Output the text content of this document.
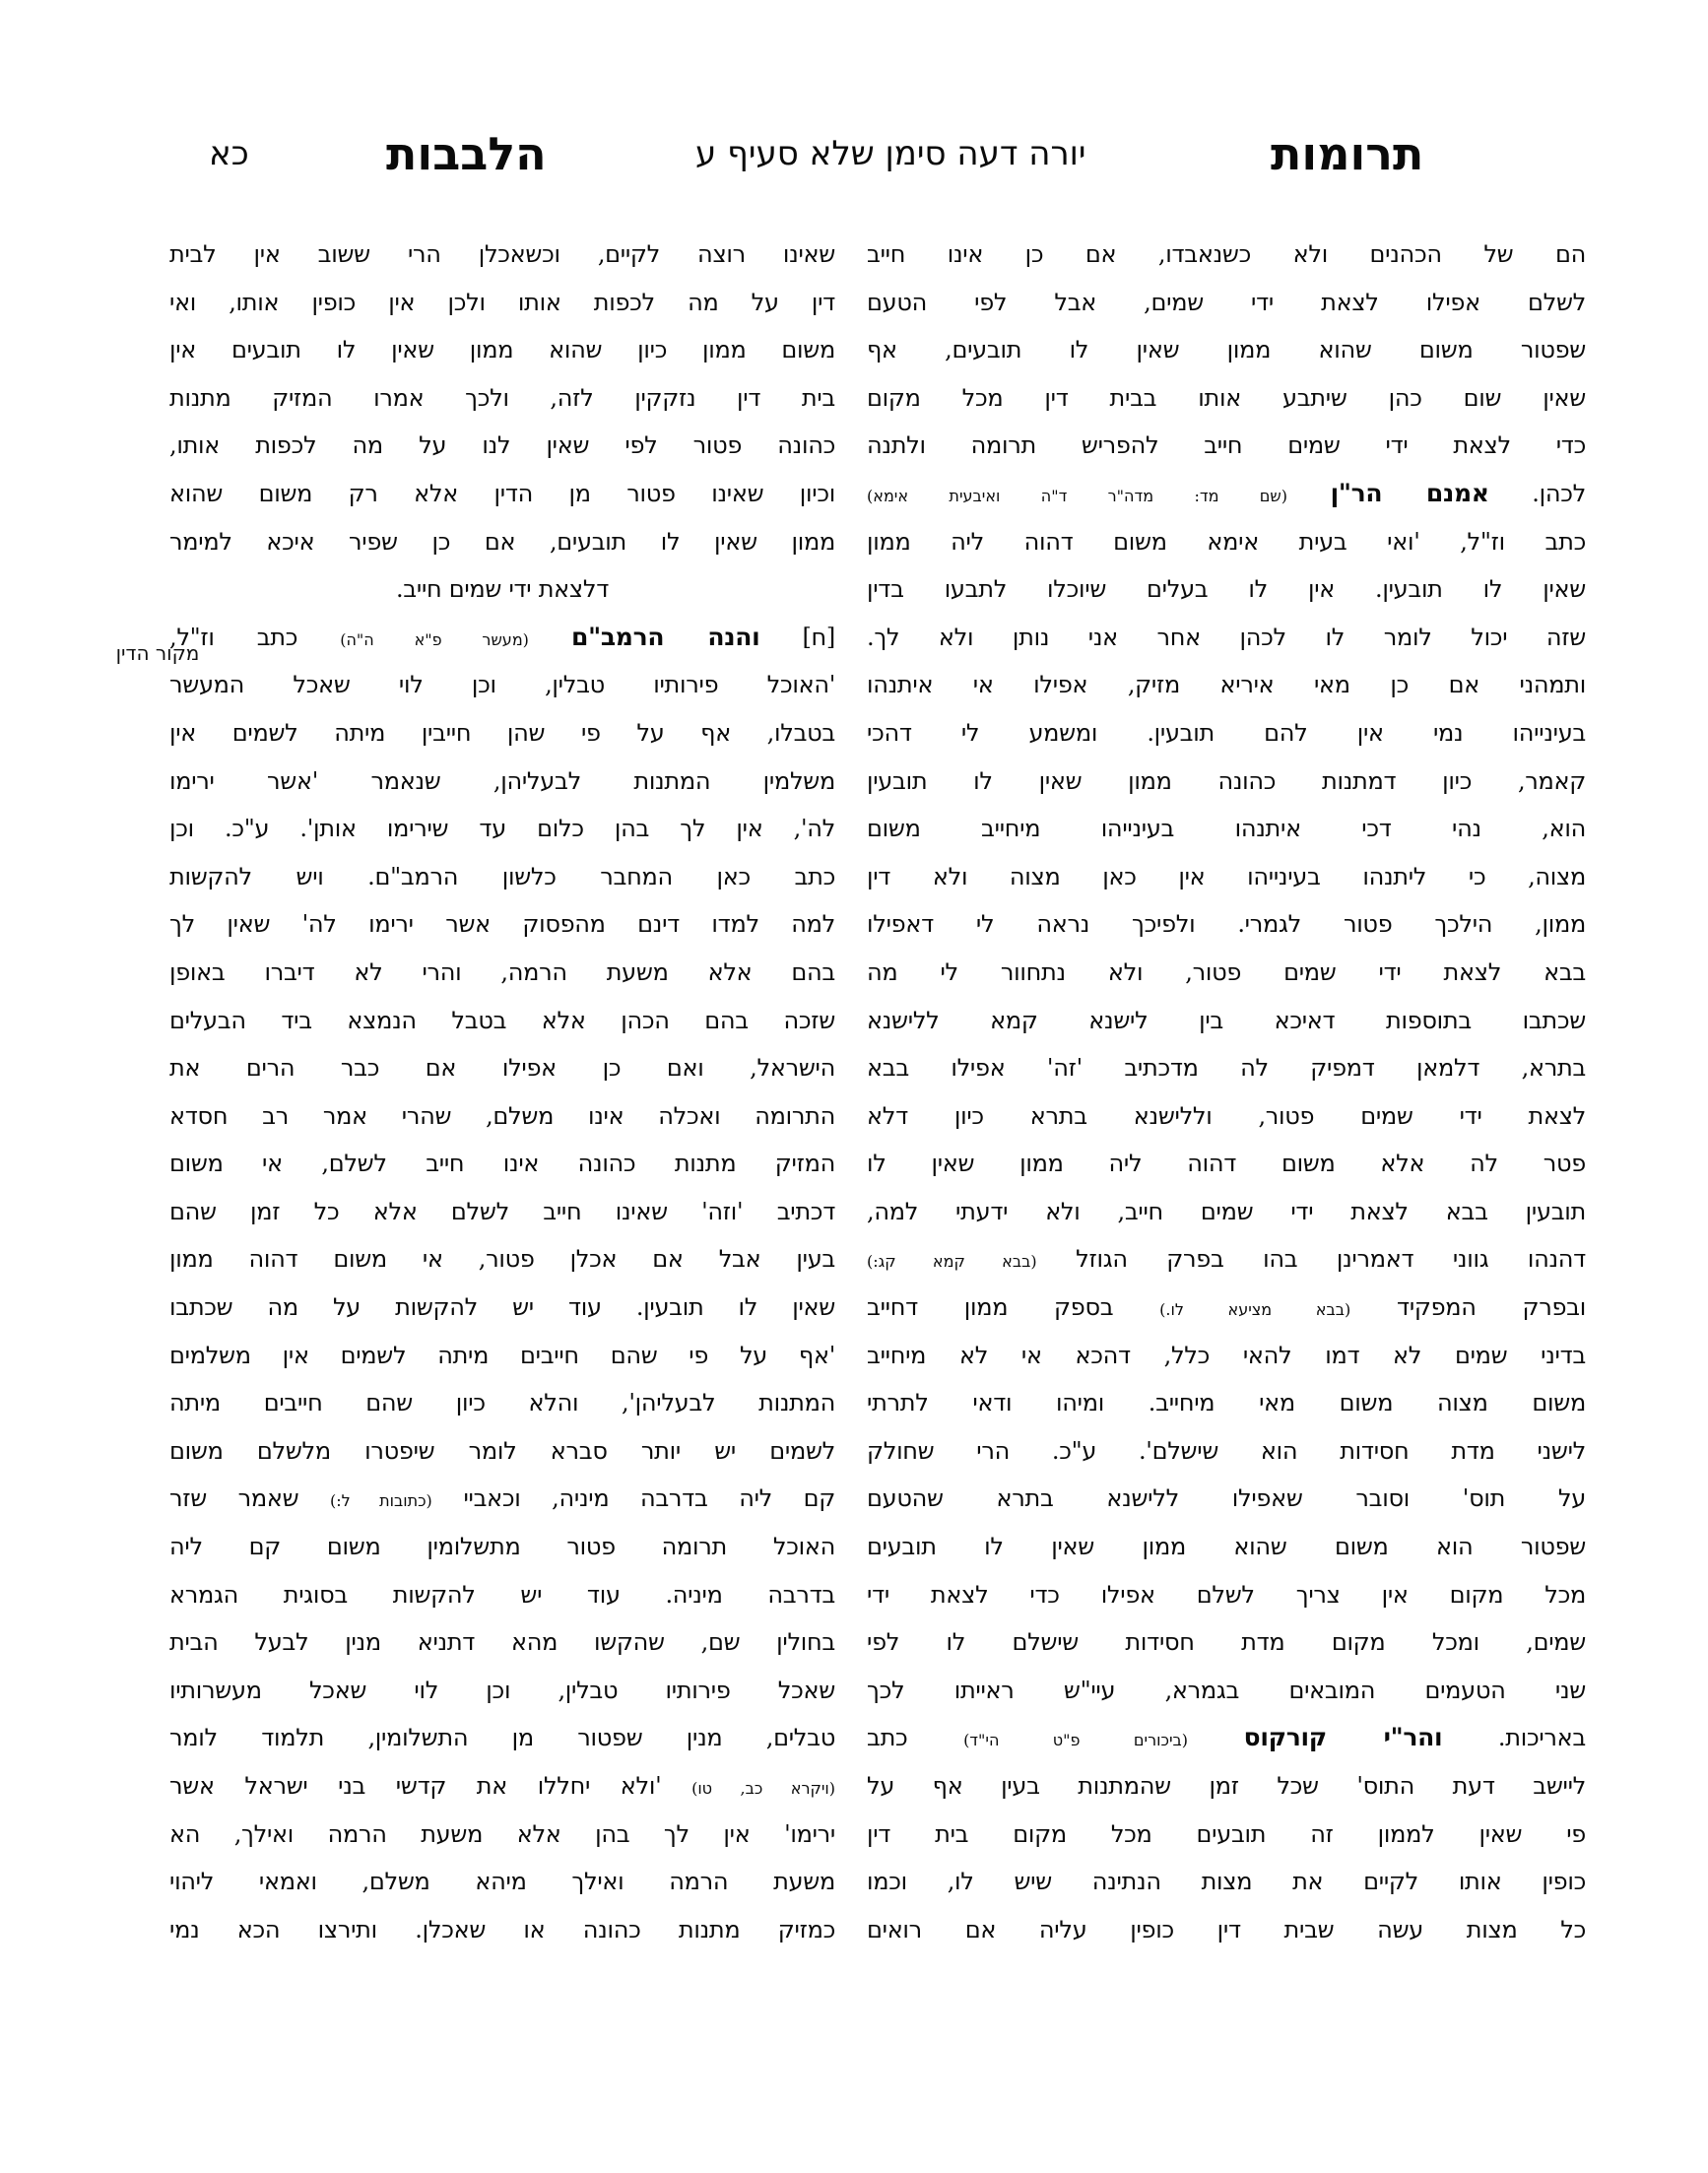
תרומות
יורה דעה סימן שלא סעיף ע
הלבבות
כא
מקור הדין
הם של הכהנים ולא כשנאבדו, אם כן אינו חייב
לשלם אפילו לצאת ידי שמים, אבל לפי הטעם
שפטור משום שהוא ממון שאין לו תובעים, אף
שאין שום כהן שיתבע אותו בבית דין מכל מקום
כדי לצאת ידי שמים חייב להפריש תרומה ולתנה
לכהן. אמנם הר"ן (שם מד: מדה"ר ד"ה ואיבעית אימא)
כתב וז"ל, 'ואי בעית אימא משום דהוה ליה ממון
שאין לו תובעין. אין לו בעלים שיוכלו לתבעו בדין
שזה יכול לומר לו לכהן אחר אני נותן ולא לך.
ותמהני אם כן מאי איריא מזיק, אפילו אי איתנהו
בעינייהו נמי אין להם תובעין. ומשמע לי דהכי
קאמר, כיון דמתנות כהונה ממון שאין לו תובעין
הוא, נהי דכי איתנהו בעינייהו מיחייב משום
מצוה, כי ליתנהו בעינייהו אין כאן מצוה ולא דין
ממון, הילכך פטור לגמרי. ולפיכך נראה לי דאפילו
בבא לצאת ידי שמים פטור, ולא נתחוור לי מה
שכתבו בתוספות דאיכא בין לישנא קמא ללישנא
בתרא, דלמאן דמפיק לה מדכתיב 'זה' אפילו בבא
לצאת ידי שמים פטור, וללישנא בתרא כיון דלא
פטר לה אלא משום דהוה ליה ממון שאין לו
תובעין בבא לצאת ידי שמים חייב, ולא ידעתי למה,
דהנהו גווני דאמרינן בהו בפרק הגוזל (בבא קמא קג:)
ובפרק המפקיד (בבא מציעא לו.) בספק ממון דחייב
בדיני שמים לא דמו להאי כלל, דהכא אי לא מיחייב
משום מצוה משום מאי מיחייב. ומיהו ודאי לתרתי
לישני מדת חסידות הוא שישלם'. ע"כ. הרי שחולק
על תוס' וסובר שאפילו ללישנא בתרא שהטעם
שפטור הוא משום שהוא ממון שאין לו תובעים
מכל מקום אין צריך לשלם אפילו כדי לצאת ידי
שמים, ומכל מקום מדת חסידות שישלם לו לפי
שני הטעמים המובאים בגמרא, עיי"ש ראייתו לכך
באריכות. והר"י קורקוס (ביכורים פ"ט הי"ד) כתב
ליישב דעת התוס' שכל זמן שהמתנות בעין אף על
פי שאין לממון זה תובעים מכל מקום בית דין
כופין אותו לקיים את מצות הנתינה שיש לו, וכמו
כל מצות עשה שבית דין כופין עליה אם רואים
שאינו רוצה לקיים, וכשאכלן הרי ששוב אין לבית
דין על מה לכפות אותו ולכן אין כופין אותו, ואי
משום ממון כיון שהוא ממון שאין לו תובעים אין
בית דין נזקקין לזה, ולכך אמרו המזיק מתנות
כהונה פטור לפי שאין לנו על מה לכפות אותו,
וכיון שאינו פטור מן הדין אלא רק משום שהוא
ממון שאין לו תובעים, אם כן שפיר איכא למימר
דלצאת ידי שמים חייב.
[ח] והנה הרמב"ם (מעשר פ"א ה"ה) כתב וז"ל,
'האוכל פירותיו טבלין, וכן לוי שאכל המעשר
בטבלו, אף על פי שהן חייבין מיתה לשמים אין
משלמין המתנות לבעליהן, שנאמר 'אשר ירימו
לה', אין לך בהן כלום עד שירימו אותן'. ע"כ. וכן
כתב כאן המחבר כלשון הרמב"ם. ויש להקשות
למה למדו דינם מהפסוק אשר ירימו לה' שאין לך
בהם אלא משעת הרמה, והרי לא דיברו באופן
שזכה בהם הכהן אלא בטבל הנמצא ביד הבעלים
הישראל, ואם כן אפילו אם כבר הרים את
התרומה ואכלה אינו משלם, שהרי אמר רב חסדא
המזיק מתנות כהונה אינו חייב לשלם, אי משום
דכתיב 'וזה' שאינו חייב לשלם אלא כל זמן שהם
בעין אבל אם אכלן פטור, אי משום דהוה ממון
שאין לו תובעין. עוד יש להקשות על מה שכתבו
'אף על פי שהם חייבים מיתה לשמים אין משלמים
המתנות לבעליהן', והלא כיון שהם חייבים מיתה
לשמים יש יותר סברא לומר שיפטרו מלשלם משום
קם ליה בדרבה מיניה, וכאביי (כתובות ל:) שאמר שזר
האוכל תרומה פטור מתשלומין משום קם ליה
בדרבה מיניה. עוד יש להקשות בסוגית הגמרא
בחולין שם, שהקשו מהא דתניא מנין לבעל הבית
שאכל פירותיו טבלין, וכן לוי שאכל מעשרותיו
טבלים, מנין שפטור מן התשלומין, תלמוד לומר
(ויקרא כב, טו) 'ולא יחללו את קדשי בני ישראל אשר
ירימו' אין לך בהן אלא משעת הרמה ואילך, הא
משעת הרמה ואילך מיהא משלם, ואמאי ליהוי
כמזיק מתנות כהונה או שאכלן. ותירצו הכא נמי
